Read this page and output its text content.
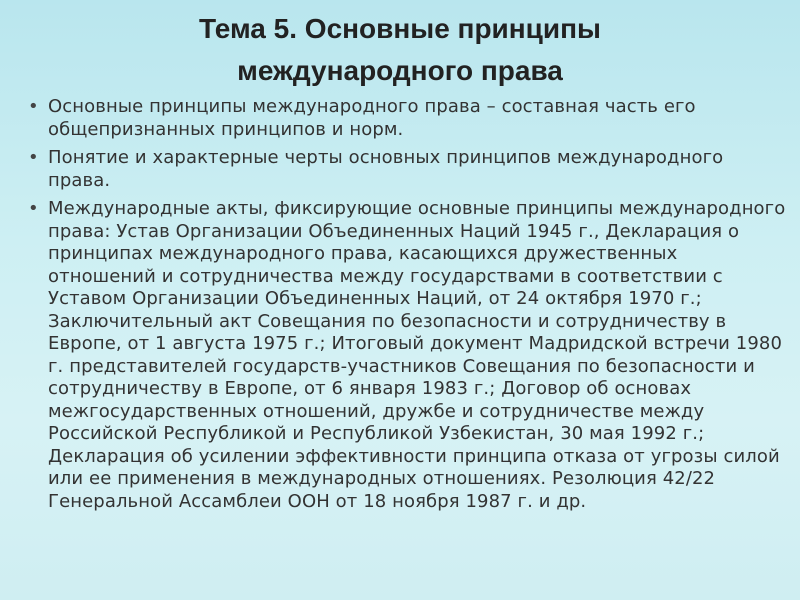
Тема 5. Основные принципы
международного права
• Основные принципы международного права – составная часть его общепризнанных принципов и норм.
• Понятие и характерные черты основных принципов международного права.
• Международные акты, фиксирующие основные принципы международного права: Устав Организации Объединенных Наций 1945 г., Декларация о принципах международного права, касающихся дружественных отношений и сотрудничества между государствами в соответствии с Уставом Организации Объединенных Наций, от 24 октября 1970 г.; Заключительный акт Совещания по безопасности и сотрудничеству в Европе, от 1 августа 1975 г.; Итоговый документ Мадридской встречи 1980 г. представителей государств-участников Совещания по безопасности и сотрудничеству в Европе, от 6 января 1983 г.; Договор об основах межгосударственных отношений, дружбе и сотрудничестве между Российской Республикой и Республикой Узбекистан, 30 мая 1992 г.; Декларация об усилении эффективности принципа отказа от угрозы силой или ее применения в международных отношениях. Резолюция 42/22 Генеральной Ассамблеи ООН от 18 ноября 1987 г. и др.
